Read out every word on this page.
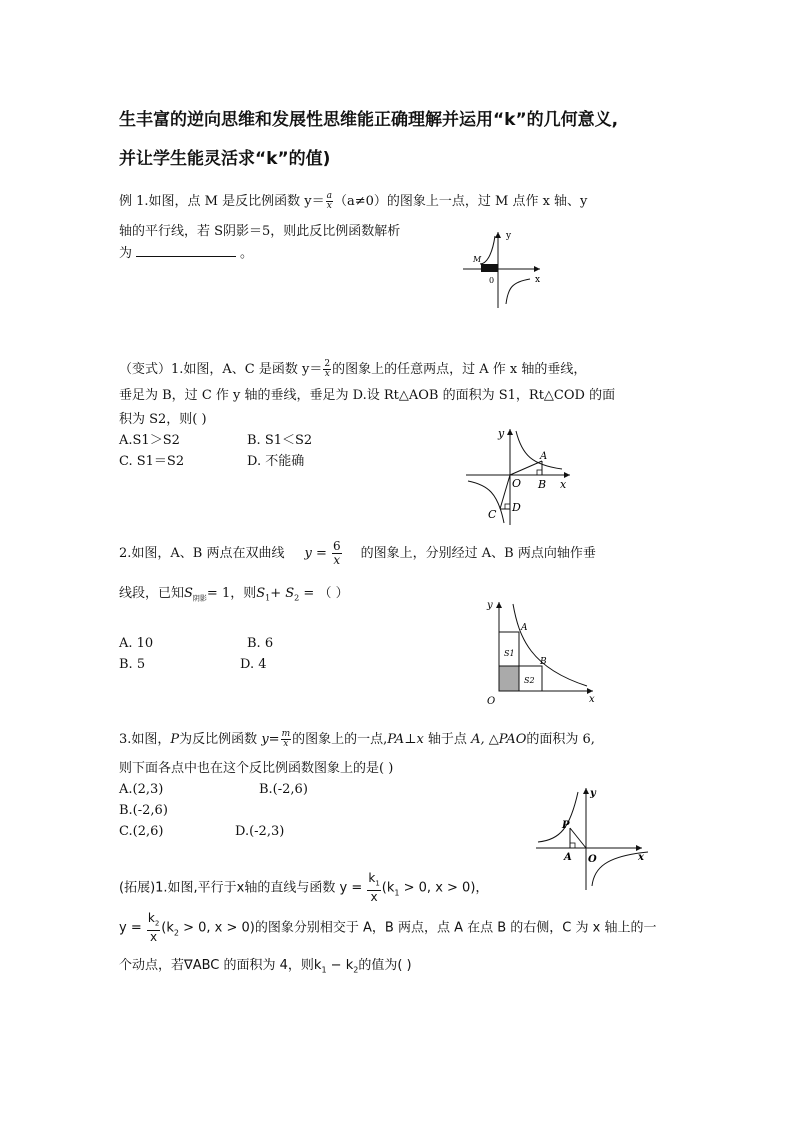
生丰富的逆向思维和发展性思维能正确理解并运用“k”的几何意义,
并让学生能灵活求“k”的值)
例 1.如图，点 M 是反比例函数 $y= \frac{a}{x} (a\ne 0)$的图象上一点，过 M 点作 x 轴、y
轴的平行线，若 S阴影＝5，则此反比例函数解析
为	。	M
y
x
0
（变式）1.如图，A、C 是函数 $y= \frac{2}{x}$ 的图象上的任意两点，过 A 作 x 轴的垂线，
垂足为 B，过 C 作 y 轴的垂线，垂足为 D.设 Rt△AOB 的面积为 S1，Rt△COD 的面
积为 S2，则( )
A.S1＞S2	B. S1＜S2
C. S1＝S2	D. 不能确
y
x
O
A
B
C
D
2.如图，A、B 两点在双曲线 $y = \frac{6}{x}$ 的图象上，分别经过 A、B 两点向轴作垂
线段，已知$S_{阴影}= 1$，则$S_1+ S_2$ = （ ）
A. 10	B. 6
B. 5	D. 4
y
x
O
A
B
S1
S2
3.如图，P为反比例函数 $y= \frac{m}{x}$ 的图象上的一点,PA⊥x 轴于点 A, △PAO的面积为 6,
则下面各点中也在这个反比例函数图象上的是( )
A.(2,3)	B.(-2,6)
B.(-2,6)
C.(2,6)	D.(-2,3)
y
x
O
P
A
(拓展)1.如图,平行于x轴的直线与函数 $y = \frac{k_1}{x} (k_1 > 0$, x > 0)，
$y = \frac{k_2}{x} (k_2 > 0$, x > 0)的图象分别相交于 A，B 两点，点 A 在点 B 的右侧，C 为 x 轴上的一
个动点，若∇ABC 的面积为 4，则$k_1 - k_2$的值为( )
